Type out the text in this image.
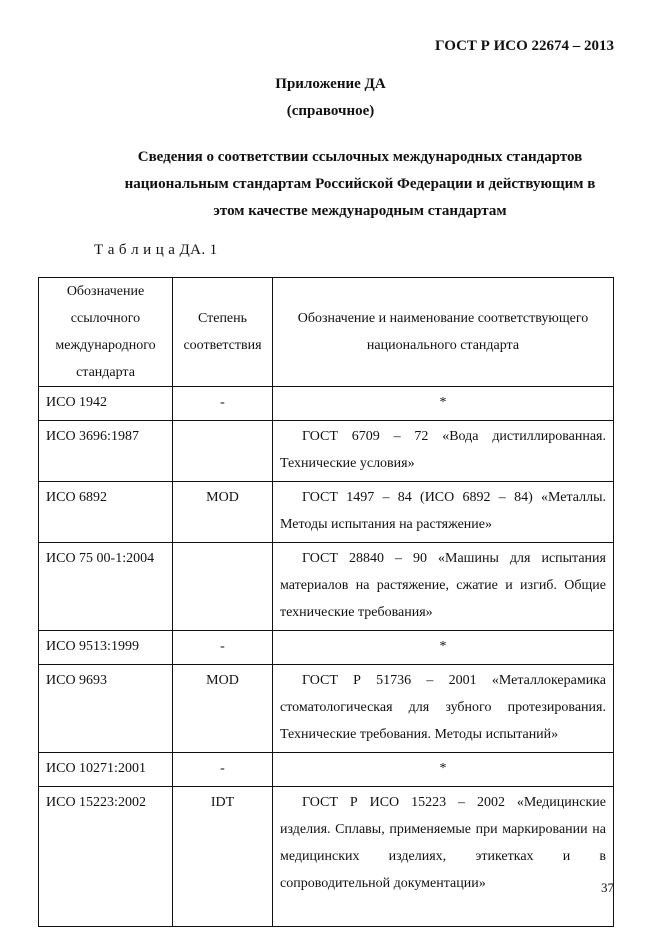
ГОСТ Р ИСО 22674 – 2013
Приложение ДА
(справочное)
Сведения о соответствии ссылочных международных стандартов
национальным стандартам Российской Федерации и действующим в
этом качестве международным стандартам
Т а б л и ц а ДА. 1
Обозначение ссылочного международного стандарта	Степень соответствия	Обозначение и наименование соответствующего национального стандарта
ИСО 1942	-	*
ИСО 3696:1987		ГОСТ 6709 – 72 «Вода дистиллированная. Технические условия»
ИСО 6892	MOD	ГОСТ 1497 – 84 (ИСО 6892 – 84) «Металлы. Методы испытания на растяжение»
ИСО 75 00-1:2004		ГОСТ 28840 – 90 «Машины для испытания материалов на растяжение, сжатие и изгиб. Общие технические требования»
ИСО 9513:1999	-	*
ИСО 9693	MOD	ГОСТ Р 51736 – 2001 «Металлокерамика стоматологическая для зубного протезирования. Технические требования. Методы испытаний»
ИСО 10271:2001	-	*
ИСО 15223:2002	IDT	ГОСТ Р ИСО 15223 – 2002 «Медицинские изделия. Сплавы, применяемые при маркировании на медицинских изделиях, этикетках и в сопроводительной документации»	37
